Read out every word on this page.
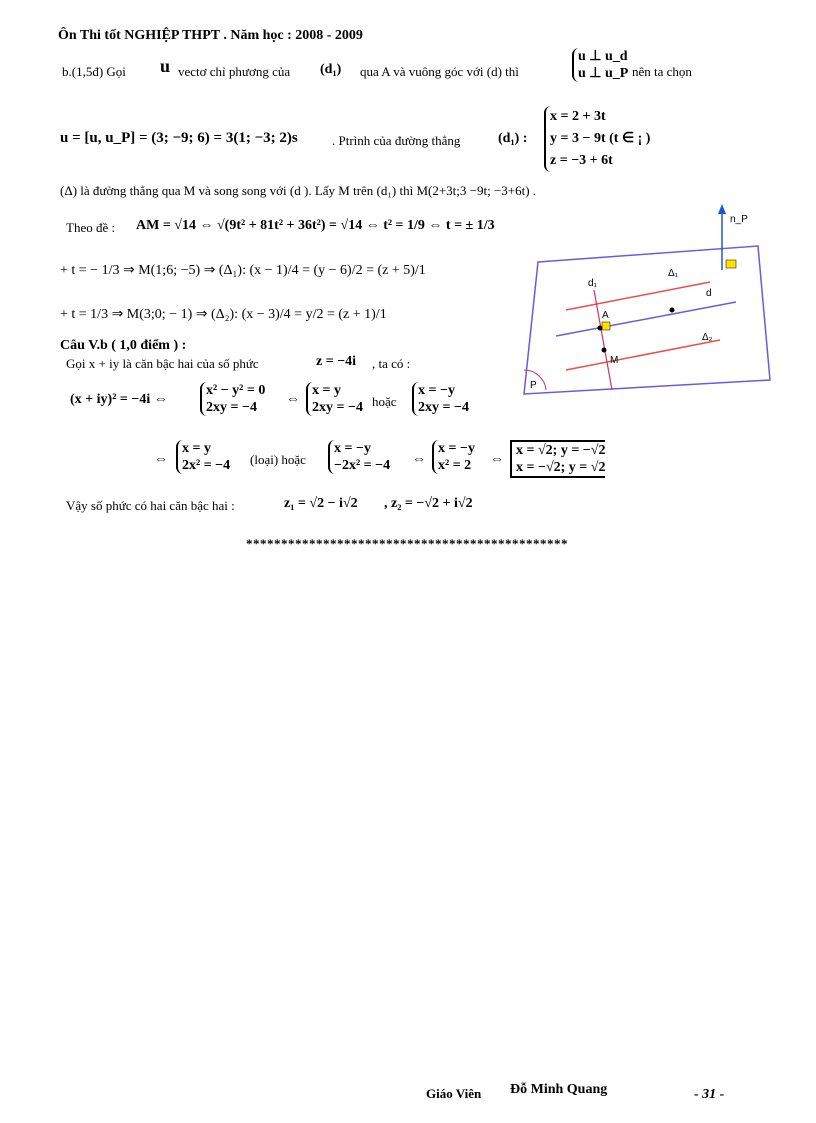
Ôn Thi tốt NGHIỆP THPT . Năm học : 2008 - 2009
b.(1,5đ) Gọi u vectơ chỉ phương của (d₁) qua A và vuông góc với (d) thì
u ⊥ u_d
u ⊥ u_P nên ta chọn
u = [u, u_P] = (3; −9; 6) = 3(1; −3; 2)s	. Ptrình của đường thẳng	(d₁) :
x = 2 + 3t
y = 3 − 9t (t ∈ ¡ )
z = −3 + 6t
(Δ) là đường thẳng qua M và song song với (d ). Lấy M trên (d₁) thì M(2+3t;3 −9t; −3+6t) .
Theo đề : AM = √14 ⇔ √(9t² + 81t² + 36t²) = √14 ⇔ t² = 1/9 ⇔ t = ± 1/3
+ t = − 1/3 ⇒ M(1;6; −5) ⇒ (Δ₁): (x − 1)/4 = (y − 6)/2 = (z + 5)/1
+ t = 1/3 ⇒ M(3;0; − 1) ⇒ (Δ₂): (x − 3)/4 = y/2 = (z + 1)/1
n_P
d₁
Δ₁
d
A
Δ₂
M
P
Câu V.b ( 1,0 điểm ) :
Gọi x + iy là căn bậc hai của số phức	z = −4i , ta có :
(x + iy)² = −4i ⇔
x² − y² = 0
2xy = −4
⇔
x = y
2xy = −4 hoặc
x = −y
2xy = −4
⇔
x = y
2x² = −4 (loại) hoặc
x = −y
−2x² = −4 ⇔
x = −y
x² = 2 ⇔
x = √2; y = −√2
x = −√2; y = √2
Vậy số phức có hai căn bậc hai :	z₁ = √2 − i√2 , z₂ = −√2 + i√2
**********************************************
Giáo Viên Đỗ Minh Quang	- 31 -
